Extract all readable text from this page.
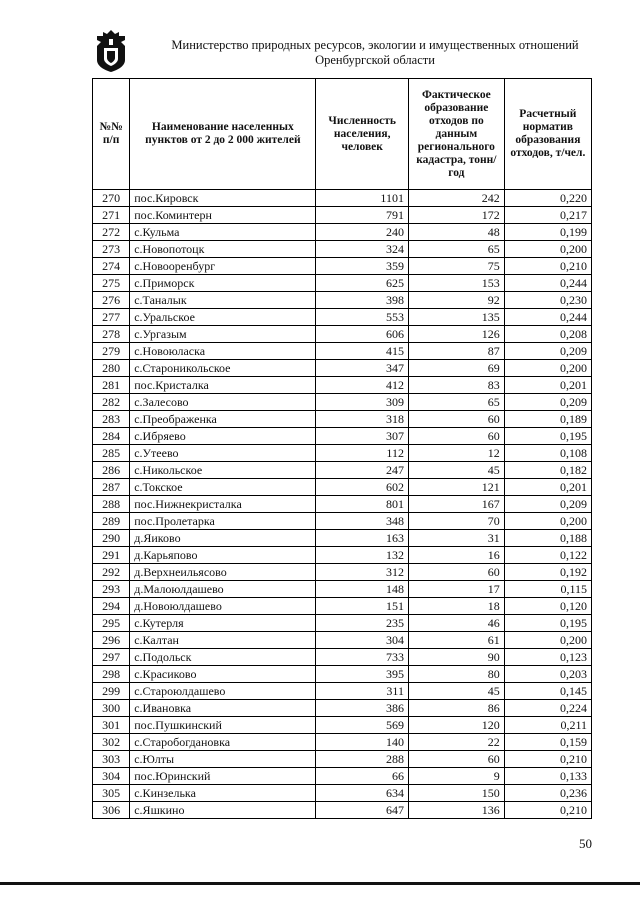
Министерство природных ресурсов, экологии и имущественных отношений
Оренбургской области
№№ п/п	Наименование населенных пунктов от 2 до 2 000 жителей	Численность населения, человек	Фактическое образование отходов по данным регионального кадастра, тонн/год	Расчетный норматив образования отходов, т/чел.
270	пос.Кировск	1101	242	0,220
271	пос.Коминтерн	791	172	0,217
272	с.Кульма	240	48	0,199
273	с.Новопотоцк	324	65	0,200
274	с.Новооренбург	359	75	0,210
275	с.Приморск	625	153	0,244
276	с.Таналык	398	92	0,230
277	с.Уральское	553	135	0,244
278	с.Ургазым	606	126	0,208
279	с.Новоюласка	415	87	0,209
280	с.Староникольское	347	69	0,200
281	пос.Кристалка	412	83	0,201
282	с.Залесово	309	65	0,209
283	с.Преображенка	318	60	0,189
284	с.Ибряево	307	60	0,195
285	с.Утеево	112	12	0,108
286	с.Никольское	247	45	0,182
287	с.Токское	602	121	0,201
288	пос.Нижнекристалка	801	167	0,209
289	пос.Пролетарка	348	70	0,200
290	д.Яиково	163	31	0,188
291	д.Карьяпово	132	16	0,122
292	д.Верхнеильясово	312	60	0,192
293	д.Малоюлдашево	148	17	0,115
294	д.Новоюлдашево	151	18	0,120
295	с.Кутерля	235	46	0,195
296	с.Калтан	304	61	0,200
297	с.Подольск	733	90	0,123
298	с.Красиково	395	80	0,203
299	с.Староюлдашево	311	45	0,145
300	с.Ивановка	386	86	0,224
301	пос.Пушкинский	569	120	0,211
302	с.Старобогдановка	140	22	0,159
303	с.Юлты	288	60	0,210
304	пос.Юринский	66	9	0,133
305	с.Кинзелька	634	150	0,236
306	с.Яшкино	647	136	0,210
50
